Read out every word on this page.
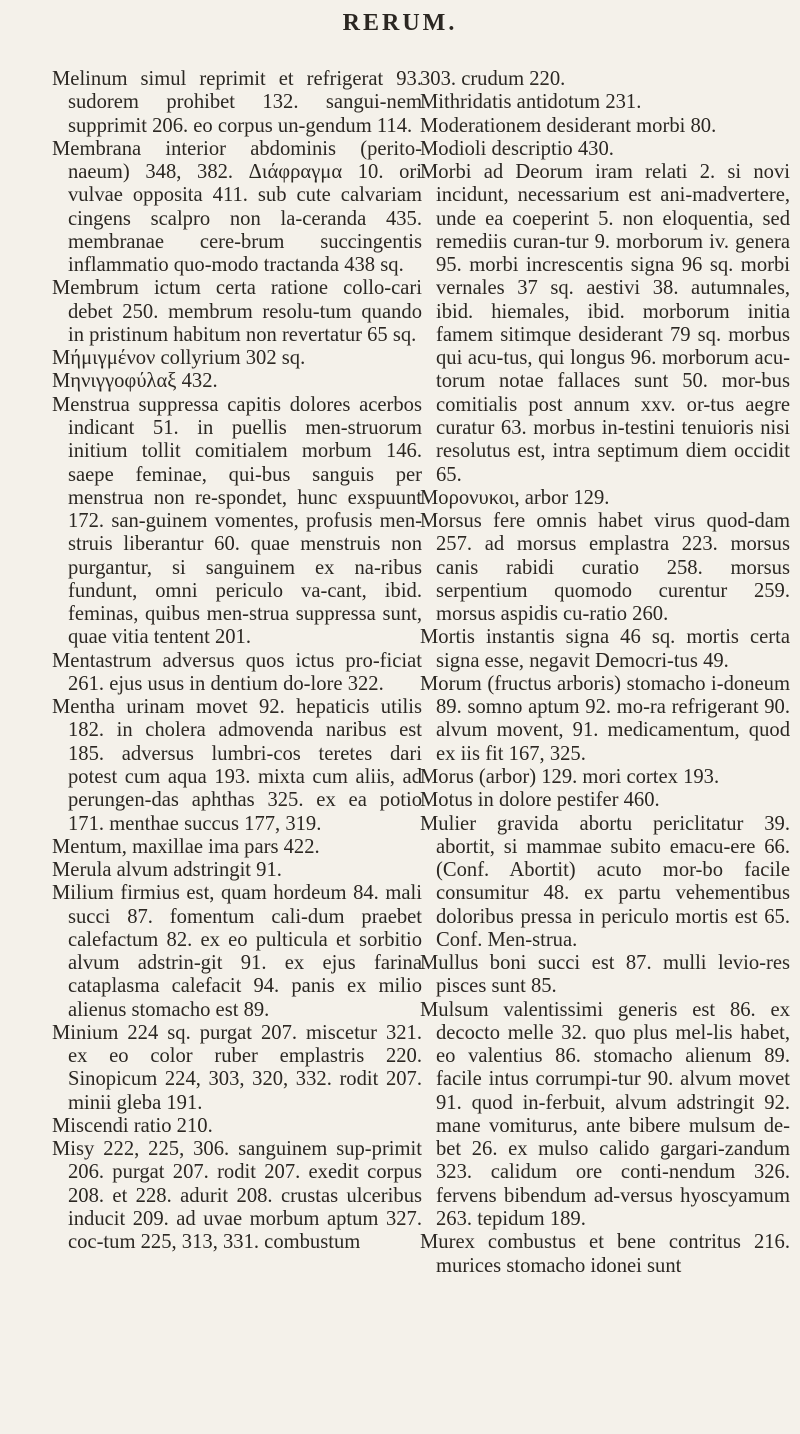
RERUM.

Melinum simul reprimit et refrigerat 93. sudorem prohibet 132. sangui-nem supprimit 206. eo corpus un-gendum 114.

Membrana interior abdominis (perito-naeum) 348, 382. Διάφραγμα 10. ori vulvae opposita 411. sub cute calvariam cingens scalpro non la-ceranda 435. membranae cere-brum succingentis inflammatio quo-modo tractanda 438 sq.

Membrum ictum certa ratione collo-cari debet 250. membrum resolu-tum quando in pristinum habitum non revertatur 65 sq.

Μήμιγμένον collyrium 302 sq.

Μηνιγγοφύλαξ 432.

Menstrua suppressa capitis dolores acerbos indicant 51. in puellis men-struorum initium tollit comitialem morbum 146. saepe feminae, qui-bus sanguis per menstrua non re-spondet, hunc exspuunt 172. san-guinem vomentes, profusis men-struis liberantur 60. quae menstruis non purgantur, si sanguinem ex na-ribus fundunt, omni periculo va-cant, ibid. feminas, quibus men-strua suppressa sunt, quae vitia tentent 201.

Mentastrum adversus quos ictus pro-ficiat 261. ejus usus in dentium do-lore 322.

Mentha urinam movet 92. hepaticis utilis 182. in cholera admovenda naribus est 185. adversus lumbri-cos teretes dari potest cum aqua 193. mixta cum aliis, ad perungen-das aphthas 325. ex ea potio 171. menthae succus 177, 319.

Mentum, maxillae ima pars 422.

Merula alvum adstringit 91.

Milium firmius est, quam hordeum 84. mali succi 87. fomentum cali-dum praebet calefactum 82. ex eo pulticula et sorbitio alvum adstrin-git 91. ex ejus farina cataplasma calefacit 94. panis ex milio alienus stomacho est 89.

Minium 224 sq. purgat 207. miscetur 321. ex eo color ruber emplastris 220. Sinopicum 224, 303, 320, 332. rodit 207. minii gleba 191.

Miscendi ratio 210.

Misy 222, 225, 306. sanguinem sup-primit 206. purgat 207. rodit 207. exedit corpus 208. et 228. adurit 208. crustas ulceribus inducit 209. ad uvae morbum aptum 327. coc-tum 225, 313, 331. combustum

303. crudum 220.

Mithridatis antidotum 231.

Moderationem desiderant morbi 80.

Modioli descriptio 430.

Morbi ad Deorum iram relati 2. si novi incidunt, necessarium est ani-madvertere, unde ea coeperint 5. non eloquentia, sed remediis curan-tur 9. morborum iv. genera 95. morbi increscentis signa 96 sq. morbi vernales 37 sq. aestivi 38. autumnales, ibid. hiemales, ibid. morborum initia famem sitimque desiderant 79 sq. morbus qui acu-tus, qui longus 96. morborum acu-torum notae fallaces sunt 50. mor-bus comitialis post annum xxv. or-tus aegre curatur 63. morbus in-testini tenuioris nisi resolutus est, intra septimum diem occidit 65.

Μορονυκοι, arbor 129.

Morsus fere omnis habet virus quod-dam 257. ad morsus emplastra 223. morsus canis rabidi curatio 258. morsus serpentium quomodo curentur 259. morsus aspidis cu-ratio 260.

Mortis instantis signa 46 sq. mortis certa signa esse, negavit Democri-tus 49.

Morum (fructus arboris) stomacho i-doneum 89. somno aptum 92. mo-ra refrigerant 90. alvum movent, 91. medicamentum, quod ex iis fit 167, 325.

Morus (arbor) 129. mori cortex 193.

Motus in dolore pestifer 460.

Mulier gravida abortu periclitatur 39. abortit, si mammae subito emacu-ere 66. (Conf. Abortit) acuto mor-bo facile consumitur 48. ex partu vehementibus doloribus pressa in periculo mortis est 65. Conf. Men-strua.

Mullus boni succi est 87. mulli levio-res pisces sunt 85.

Mulsum valentissimi generis est 86. ex decocto melle 32. quo plus mel-lis habet, eo valentius 86. stomacho alienum 89. facile intus corrumpi-tur 90. alvum movet 91. quod in-ferbuit, alvum adstringit 92. mane vomiturus, ante bibere mulsum de-bet 26. ex mulso calido gargari-zandum 323. calidum ore conti-nendum 326. fervens bibendum ad-versus hyoscyamum 263. tepidum 189.

Murex combustus et bene contritus 216. murices stomacho idonei sunt
